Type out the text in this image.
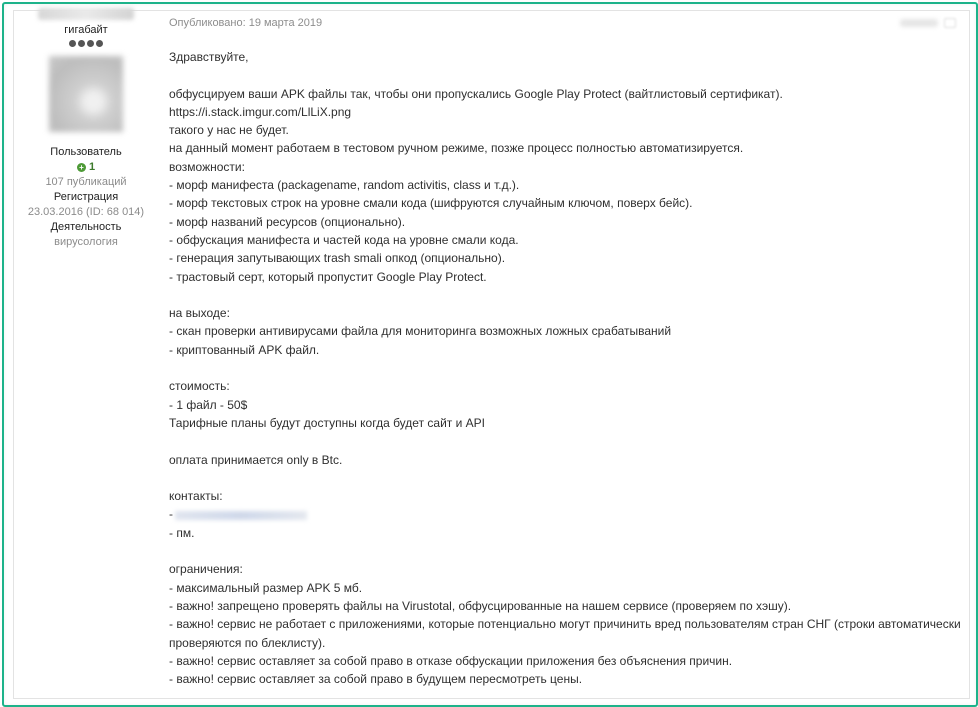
гигабайт
Пользователь
+ 1
107 публикаций
Регистрация
23.03.2016 (ID: 68 014)
Деятельность
вирусология
Опубликовано: 19 марта 2019
Здравствуйте,
обфусцируем ваши APK файлы так, чтобы они пропускались Google Play Protect (вайтлистовый сертификат).
https://i.stack.imgur.com/LlLiX.png
такого у нас не будет.
на данный момент работаем в тестовом ручном режиме, позже процесс полностью автоматизируется.
возможности:
- морф манифеста (packagename, random activitis, class и т.д.).
- морф текстовых строк на уровне смали кода (шифруются случайным ключом, поверх бейс).
- морф названий ресурсов (опционально).
- обфускация манифеста и частей кода на уровне смали кода.
- генерация запутывающих trash smali опкод (опционально).
- трастовый серт, который пропустит Google Play Protect.
на выходе:
- скан проверки антивирусами файла для мониторинга возможных ложных срабатываний
- криптованный APK файл.
стоимость:
- 1 файл - 50$
Тарифные планы будут доступны когда будет сайт и API
оплата принимается only в Btc.
контакты:
-
- пм.
ограничения:
- максимальный размер APK 5 мб.
- важно! запрещено проверять файлы на Virustotal, обфусцированные на нашем сервисе (проверяем по хэшу).
- важно! сервис не работает с приложениями, которые потенциально могут причинить вред пользователям стран СНГ (строки автоматически
проверяются по блеклисту).
- важно! сервис оставляет за собой право в отказе обфускации приложения без объяснения причин.
- важно! сервис оставляет за собой право в будущем пересмотреть цены.
